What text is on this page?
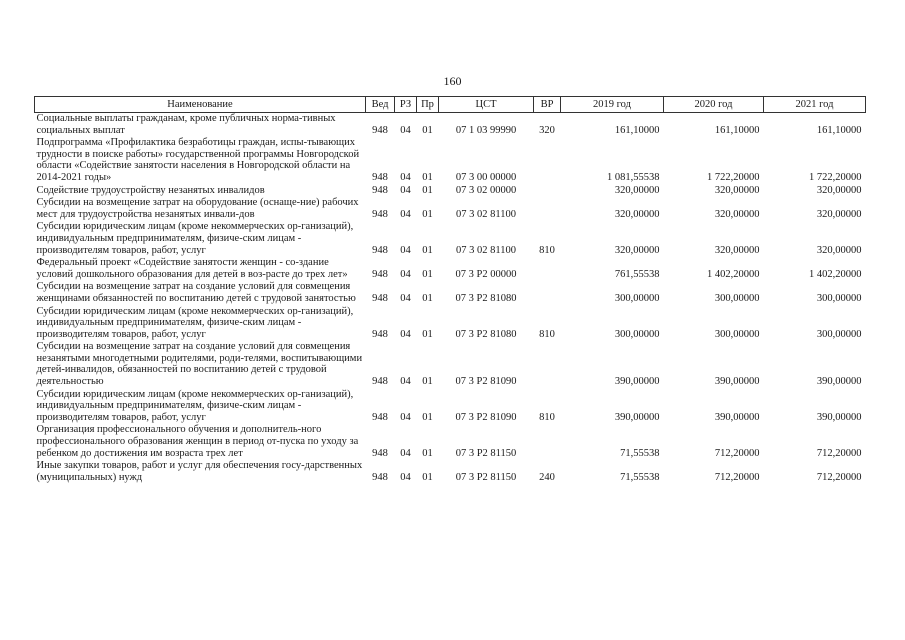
160
Наименование	Вед	РЗ	Пр	ЦСТ	ВР	2019 год	2020 год	2021 год
Социальные выплаты гражданам, кроме публичных норма-тивных социальных выплат	948	04	01	07 1 03 99990	320	161,10000	161,10000	161,10000
Подпрограмма «Профилактика безработицы граждан, испы-тывающих трудности в поиске работы» государственной программы Новгородской области «Содействие занятости населения в Новгородской области на 2014-2021 годы»	948	04	01	07 3 00 00000		1 081,55538	1 722,20000	1 722,20000
Содействие трудоустройству незанятых инвалидов	948	04	01	07 3 02 00000		320,00000	320,00000	320,00000
Субсидии на возмещение затрат на оборудование (оснаще-ние) рабочих мест для трудоустройства незанятых инвали-дов	948	04	01	07 3 02 81100		320,00000	320,00000	320,00000
Субсидии юридическим лицам (кроме некоммерческих ор-ганизаций), индивидуальным предпринимателям, физиче-ским лицам - производителям товаров, работ, услуг	948	04	01	07 3 02 81100	810	320,00000	320,00000	320,00000
Федеральный проект «Содействие занятости женщин - со-здание условий дошкольного образования для детей в воз-расте до трех лет»	948	04	01	07 3 Р2 00000		761,55538	1 402,20000	1 402,20000
Субсидии на возмещение затрат на создание условий для совмещения женщинами обязанностей по воспитанию детей с трудовой занятостью	948	04	01	07 3 Р2 81080		300,00000	300,00000	300,00000
Субсидии юридическим лицам (кроме некоммерческих ор-ганизаций), индивидуальным предпринимателям, физиче-ским лицам - производителям товаров, работ, услуг	948	04	01	07 3 Р2 81080	810	300,00000	300,00000	300,00000
Субсидии на возмещение затрат на создание условий для совмещения незанятыми многодетными родителями, роди-телями, воспитывающими детей-инвалидов, обязанностей по воспитанию детей с трудовой деятельностью	948	04	01	07 3 Р2 81090		390,00000	390,00000	390,00000
Субсидии юридическим лицам (кроме некоммерческих ор-ганизаций), индивидуальным предпринимателям, физиче-ским лицам - производителям товаров, работ, услуг	948	04	01	07 3 Р2 81090	810	390,00000	390,00000	390,00000
Организация профессионального обучения и дополнитель-ного профессионального образования женщин в период от-пуска по уходу за ребенком до достижения им возраста трех лет	948	04	01	07 3 Р2 81150		71,55538	712,20000	712,20000
Иные закупки товаров, работ и услуг для обеспечения госу-дарственных (муниципальных) нужд	948	04	01	07 3 Р2 81150	240	71,55538	712,20000	712,20000
